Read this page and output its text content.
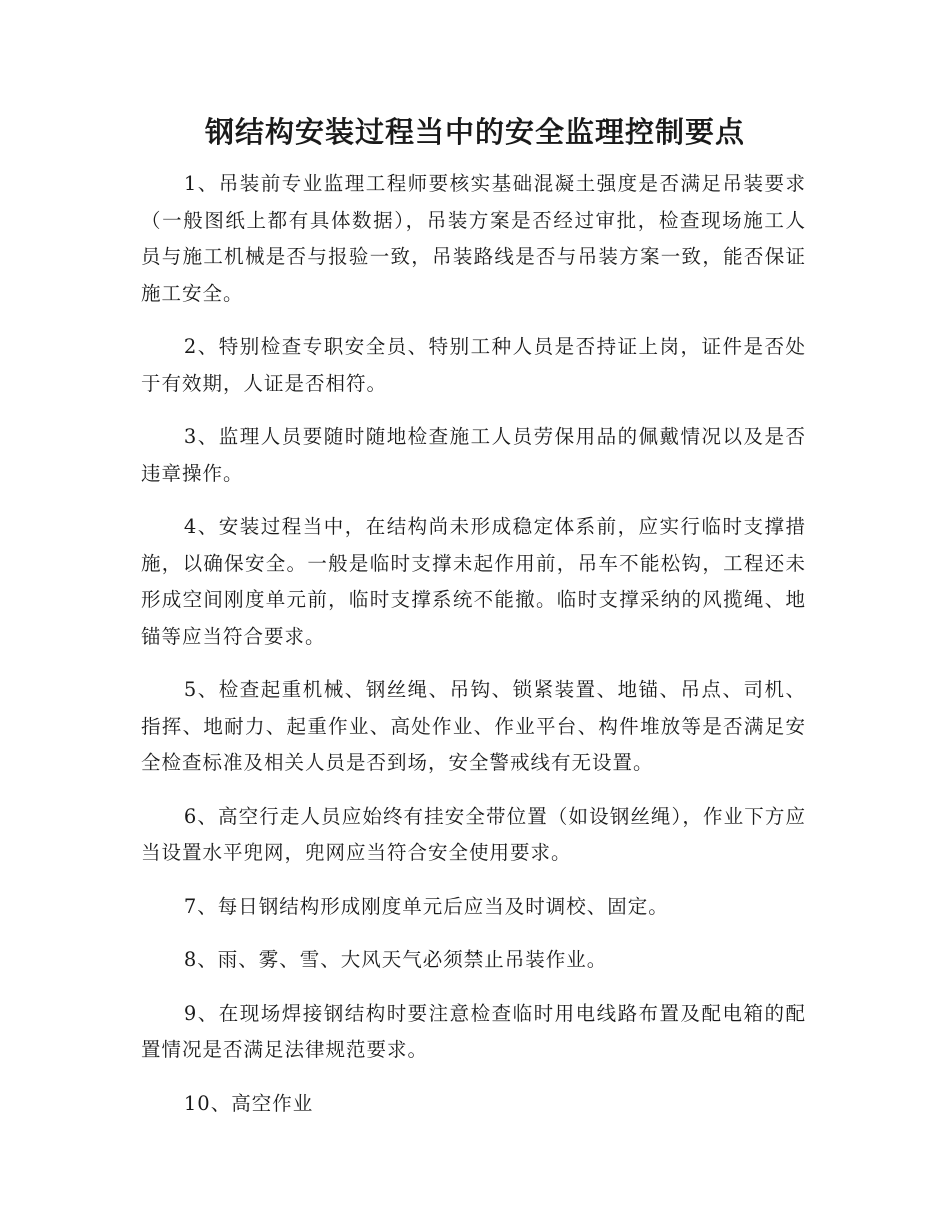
钢结构安装过程当中的安全监理控制要点

1、吊装前专业监理工程师要核实基础混凝土强度是否满足吊装要求（一般图纸上都有具体数据），吊装方案是否经过审批，检查现场施工人员与施工机械是否与报验一致，吊装路线是否与吊装方案一致，能否保证施工安全。

2、特别检查专职安全员、特别工种人员是否持证上岗，证件是否处于有效期，人证是否相符。

3、监理人员要随时随地检查施工人员劳保用品的佩戴情况以及是否违章操作。

4、安装过程当中，在结构尚未形成稳定体系前，应实行临时支撑措施，以确保安全。一般是临时支撑未起作用前，吊车不能松钩，工程还未形成空间刚度单元前，临时支撑系统不能撤。临时支撑采纳的风揽绳、地锚等应当符合要求。

5、检查起重机械、钢丝绳、吊钩、锁紧装置、地锚、吊点、司机、指挥、地耐力、起重作业、高处作业、作业平台、构件堆放等是否满足安全检查标准及相关人员是否到场，安全警戒线有无设置。

6、高空行走人员应始终有挂安全带位置（如设钢丝绳），作业下方应当设置水平兜网，兜网应当符合安全使用要求。

7、每日钢结构形成刚度单元后应当及时调校、固定。

8、雨、雾、雪、大风天气必须禁止吊装作业。

9、在现场焊接钢结构时要注意检查临时用电线路布置及配电箱的配置情况是否满足法律规范要求。

10、高空作业
